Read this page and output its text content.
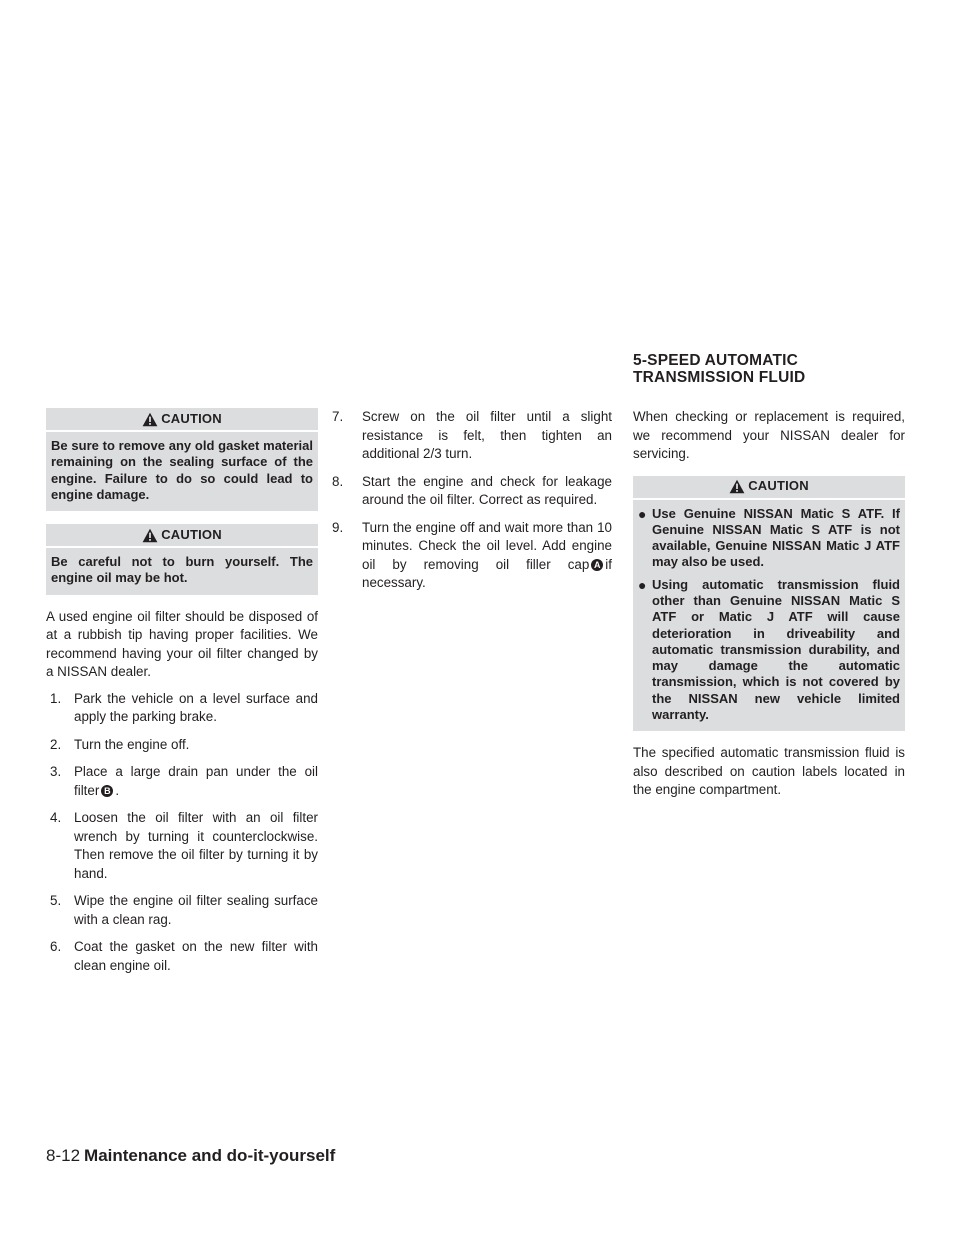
5-SPEED AUTOMATIC
TRANSMISSION FLUID
CAUTION
Be sure to remove any old gasket material remaining on the sealing surface of the engine. Failure to do so could lead to engine damage.
CAUTION
Be careful not to burn yourself. The engine oil may be hot.

A used engine oil filter should be disposed of at a rubbish tip having proper facilities. We recommend having your oil filter changed by a NISSAN dealer.

1. Park the vehicle on a level surface and apply the parking brake.
2. Turn the engine off.
3. Place a large drain pan under the oil filter B .
4. Loosen the oil filter with an oil filter wrench by turning it counterclockwise. Then remove the oil filter by turning it by hand.
5. Wipe the engine oil filter sealing surface with a clean rag.
6. Coat the gasket on the new filter with clean engine oil.
7. Screw on the oil filter until a slight resistance is felt, then tighten an additional 2/3 turn.
8. Start the engine and check for leakage around the oil filter. Correct as required.
9. Turn the engine off and wait more than 10 minutes. Check the oil level. Add engine oil by removing oil filler cap A if necessary.

When checking or replacement is required, we recommend your NISSAN dealer for servicing.

CAUTION
● Use Genuine NISSAN Matic S ATF. If Genuine NISSAN Matic S ATF is not available, Genuine NISSAN Matic J ATF may also be used.
● Using automatic transmission fluid other than Genuine NISSAN Matic S ATF or Matic J ATF will cause deterioration in driveability and automatic transmission durability, and may damage the automatic transmission, which is not covered by the NISSAN new vehicle limited warranty.

The specified automatic transmission fluid is also described on caution labels located in the engine compartment.

8-12 Maintenance and do-it-yourself
